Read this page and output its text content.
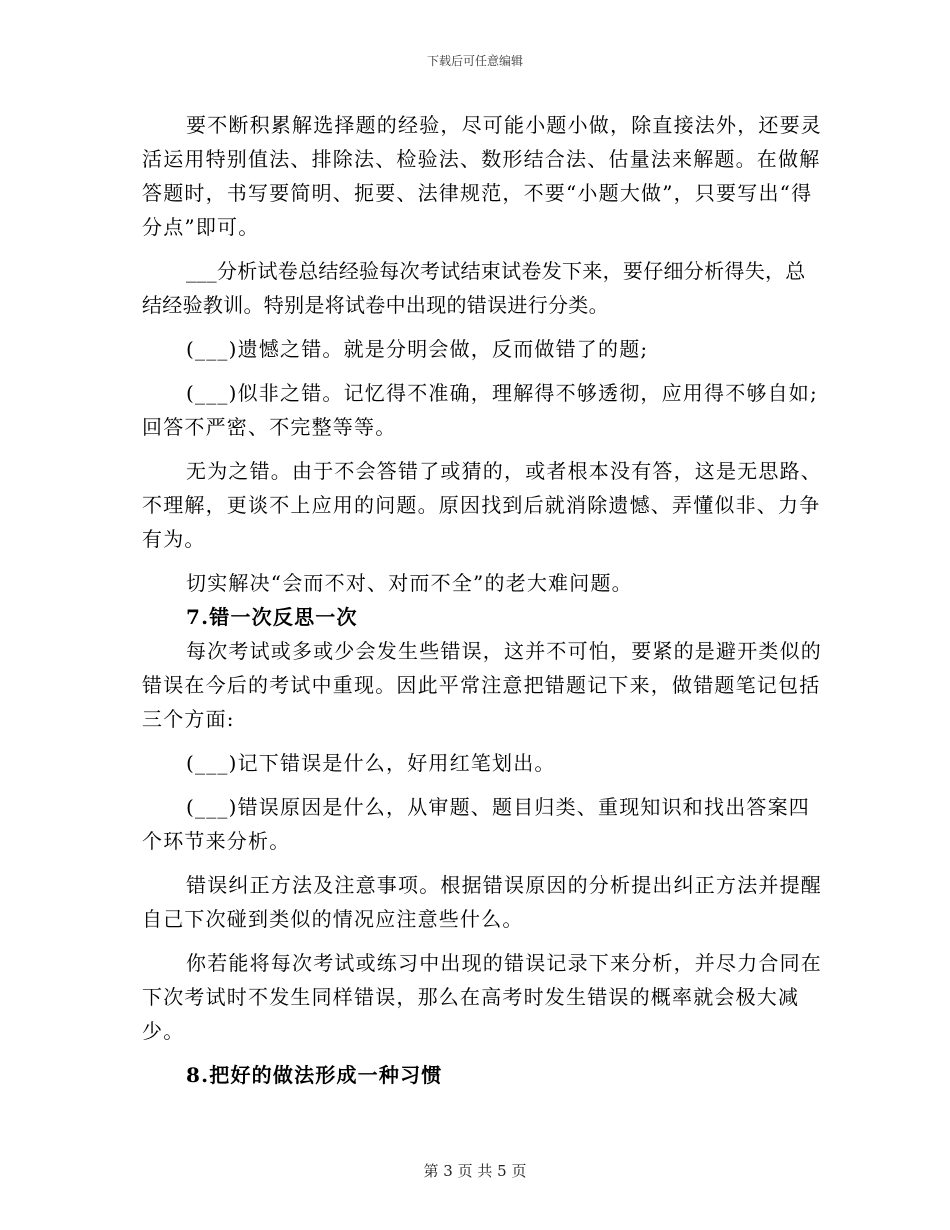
下载后可任意编辑

要不断积累解选择题的经验，尽可能小题小做，除直接法外，还要灵活运用特别值法、排除法、检验法、数形结合法、估量法来解题。在做解答题时，书写要简明、扼要、法律规范，不要“小题大做”，只要写出“得分点”即可。

___分析试卷总结经验每次考试结束试卷发下来，要仔细分析得失，总结经验教训。特别是将试卷中出现的错误进行分类。

(___)遗憾之错。就是分明会做，反而做错了的题;

(___)似非之错。记忆得不准确，理解得不够透彻，应用得不够自如;回答不严密、不完整等等。

无为之错。由于不会答错了或猜的，或者根本没有答，这是无思路、不理解，更谈不上应用的问题。原因找到后就消除遗憾、弄懂似非、力争有为。

切实解决“会而不对、对而不全”的老大难问题。

7.错一次反思一次

每次考试或多或少会发生些错误，这并不可怕，要紧的是避开类似的错误在今后的考试中重现。因此平常注意把错题记下来，做错题笔记包括三个方面:

(___)记下错误是什么，好用红笔划出。

(___)错误原因是什么，从审题、题目归类、重现知识和找出答案四个环节来分析。

错误纠正方法及注意事项。根据错误原因的分析提出纠正方法并提醒自己下次碰到类似的情况应注意些什么。

你若能将每次考试或练习中出现的错误记录下来分析，并尽力合同在下次考试时不发生同样错误，那么在高考时发生错误的概率就会极大减少。

8.把好的做法形成一种习惯

第 3 页 共 5 页
